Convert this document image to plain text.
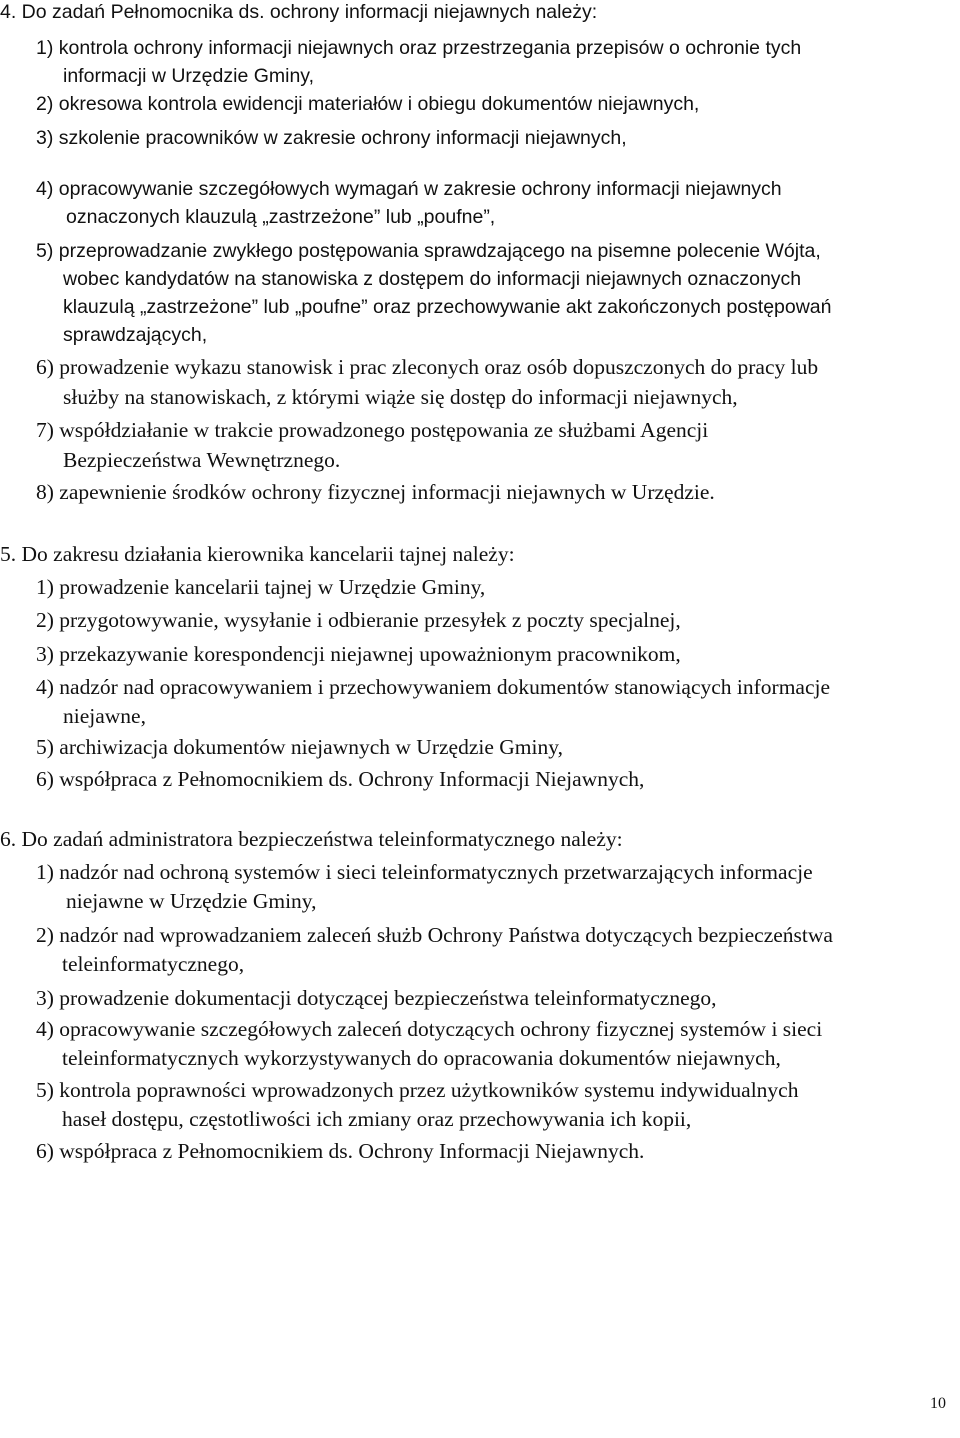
4. Do zadań Pełnomocnika ds. ochrony informacji niejawnych należy:
1) kontrola ochrony informacji niejawnych oraz przestrzegania przepisów o ochronie tych
informacji w Urzędzie Gminy,
2) okresowa kontrola ewidencji materiałów i obiegu dokumentów niejawnych,
3) szkolenie pracowników w zakresie ochrony informacji niejawnych,
4) opracowywanie szczegółowych wymagań w zakresie ochrony informacji niejawnych
oznaczonych klauzulą „zastrzeżone” lub „poufne”,
5) przeprowadzanie zwykłego postępowania sprawdzającego na pisemne polecenie Wójta,
wobec kandydatów na stanowiska z dostępem do informacji niejawnych oznaczonych
klauzulą „zastrzeżone” lub „poufne” oraz przechowywanie akt zakończonych postępowań
sprawdzających,
6) prowadzenie wykazu stanowisk i prac zleconych oraz osób dopuszczonych do pracy lub
służby na stanowiskach, z którymi wiąże się dostęp do informacji niejawnych,
7) współdziałanie w trakcie prowadzonego postępowania ze służbami Agencji
Bezpieczeństwa Wewnętrznego.
8) zapewnienie środków ochrony fizycznej informacji niejawnych w Urzędzie.
5. Do zakresu działania kierownika kancelarii tajnej należy:
1) prowadzenie kancelarii tajnej w Urzędzie Gminy,
2) przygotowywanie, wysyłanie i odbieranie przesyłek z poczty specjalnej,
3) przekazywanie korespondencji niejawnej upoważnionym pracownikom,
4) nadzór nad opracowywaniem i przechowywaniem dokumentów stanowiących informacje
niejawne,
5) archiwizacja dokumentów niejawnych w Urzędzie Gminy,
6) współpraca z Pełnomocnikiem ds. Ochrony Informacji Niejawnych,
6. Do zadań administratora bezpieczeństwa teleinformatycznego należy:
1) nadzór nad ochroną systemów i sieci teleinformatycznych przetwarzających informacje
niejawne w Urzędzie Gminy,
2) nadzór nad wprowadzaniem zaleceń służb Ochrony Państwa dotyczących bezpieczeństwa
teleinformatycznego,
3) prowadzenie dokumentacji dotyczącej bezpieczeństwa teleinformatycznego,
4) opracowywanie szczegółowych zaleceń dotyczących ochrony fizycznej systemów i sieci
teleinformatycznych wykorzystywanych do opracowania dokumentów niejawnych,
5) kontrola poprawności wprowadzonych przez użytkowników systemu indywidualnych
haseł dostępu, częstotliwości ich zmiany oraz przechowywania ich kopii,
6) współpraca z Pełnomocnikiem ds. Ochrony Informacji Niejawnych.
10
